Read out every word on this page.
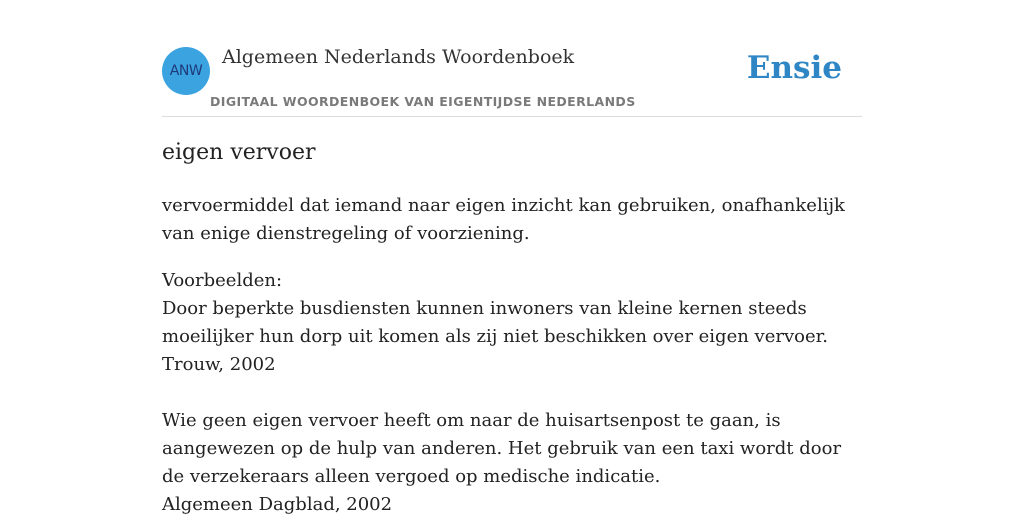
ANW
Algemeen Nederlands Woordenboek
DIGITAAL WOORDENBOEK VAN EIGENTIJDSE NEDERLANDS
Ensie
eigen vervoer

vervoermiddel dat iemand naar eigen inzicht kan gebruiken, onafhankelijk van enige dienstregeling of voorziening.

Voorbeelden:

Door beperkte busdiensten kunnen inwoners van kleine kernen steeds moeilijker hun dorp uit komen als zij niet beschikken over eigen vervoer.

Trouw, 2002

Wie geen eigen vervoer heeft om naar de huisartsenpost te gaan, is aangewezen op de hulp van anderen. Het gebruik van een taxi wordt door de verzekeraars alleen vergoed op medische indicatie.

Algemeen Dagblad, 2002
